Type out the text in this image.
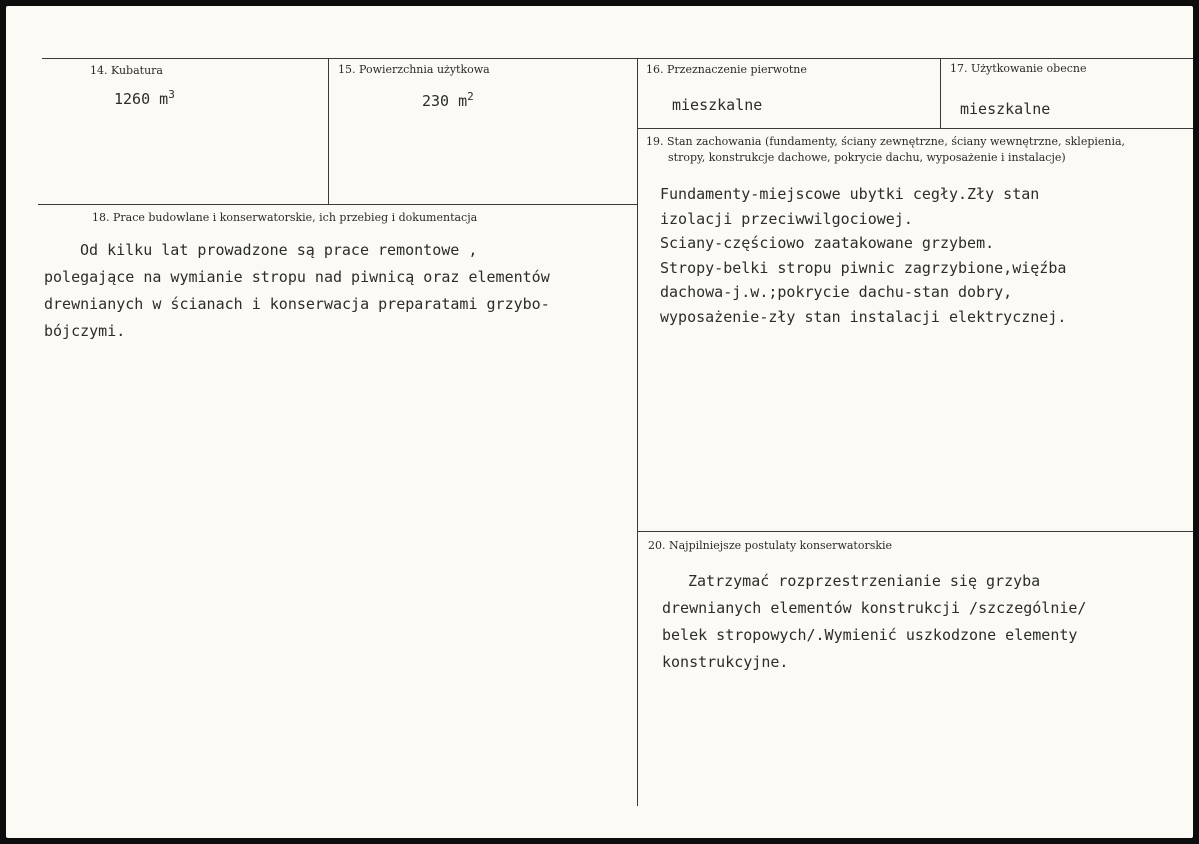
14. Kubatura
1260 $m^3$
15. Powierzchnia użytkowa
230 $m^2$
16. Przeznaczenie pierwotne
mieszkalne
17. Użytkowanie obecne
mieszkalne
19. Stan zachowania (fundamenty, ściany zewnętrzne, ściany wewnętrzne, sklepienia,
stropy, konstrukcje dachowe, pokrycie dachu, wyposażenie i instalacje)
Fundamenty-miejscowe ubytki cegły.Zły stan
izolacji przeciwwilgociowej.
Sciany-częściowo zaatakowane grzybem.
Stropy-belki stropu piwnic zagrzybione,więźba
dachowa-j.w.;pokrycie dachu-stan dobry,
wyposażenie-zły stan instalacji elektrycznej.
18. Prace budowlane i konserwatorskie, ich przebieg i dokumentacja
Od kilku lat prowadzone są prace remontowe ,
polegające na wymianie stropu nad piwnicą oraz elementów
drewnianych w ścianach i konserwacja preparatami grzybo-
bójczymi.
20. Najpilniejsze postulaty konserwatorskie
Zatrzymać rozprzestrzenianie się grzyba
drewnianych elementów konstrukcji /szczególnie/
belek stropowych/.Wymienić uszkodzone elementy
konstrukcyjne.
